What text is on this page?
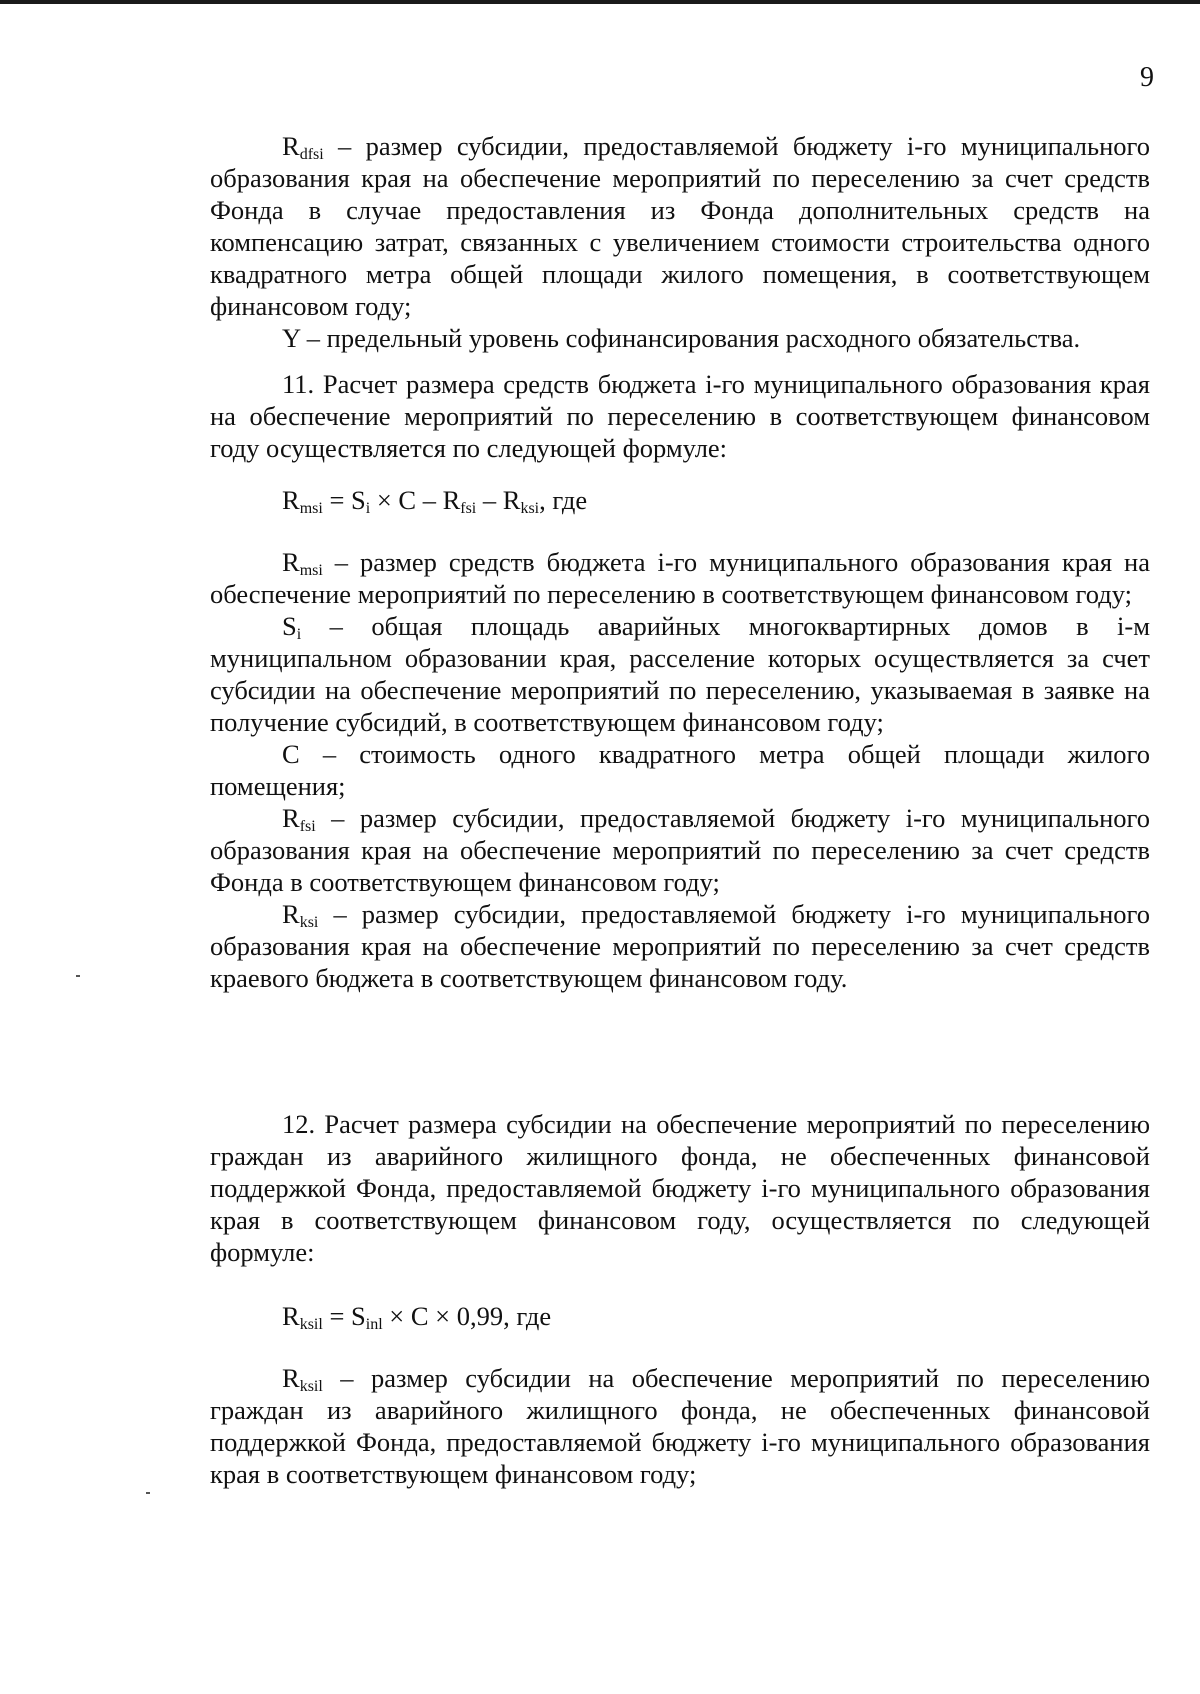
9

$R_{dfsi}$ – размер субсидии, предоставляемой бюджету i-го муниципального образования края на обеспечение мероприятий по переселению за счет средств Фонда в случае предоставления из Фонда дополнительных средств на компенсацию затрат, связанных с увеличением стоимости строительства одного квадратного метра общей площади жилого помещения, в соответствующем финансовом году;

Y – предельный уровень софинансирования расходного обязательства.

11. Расчет размера средств бюджета i-го муниципального образования края на обеспечение мероприятий по переселению в соответствующем финансовом году осуществляется по следующей формуле:

$R_{msi} = S_i \times C - R_{fsi} - R_{ksi}$, где

$R_{msi}$ – размер средств бюджета i-го муниципального образования края на обеспечение мероприятий по переселению в соответствующем финансовом году;

$S_i$ – общая площадь аварийных многоквартирных домов в i-м муниципальном образовании края, расселение которых осуществляется за счет субсидии на обеспечение мероприятий по переселению, указываемая в заявке на получение субсидий, в соответствующем финансовом году;

С – стоимость одного квадратного метра общей площади жилого помещения;

$R_{fsi}$ – размер субсидии, предоставляемой бюджету i-го муниципального образования края на обеспечение мероприятий по переселению за счет средств Фонда в соответствующем финансовом году;

$R_{ksi}$ – размер субсидии, предоставляемой бюджету i-го муниципального образования края на обеспечение мероприятий по переселению за счет средств краевого бюджета в соответствующем финансовом году.

12. Расчет размера субсидии на обеспечение мероприятий по переселению граждан из аварийного жилищного фонда, не обеспеченных финансовой поддержкой Фонда, предоставляемой бюджету i-го муниципального образования края в соответствующем финансовом году, осуществляется по следующей формуле:

$R_{ksil} = S_{inl} \times C \times 0,99$, где

$R_{ksil}$ – размер субсидии на обеспечение мероприятий по переселению граждан из аварийного жилищного фонда, не обеспеченных финансовой поддержкой Фонда, предоставляемой бюджету i-го муниципального образования края в соответствующем финансовом году;
